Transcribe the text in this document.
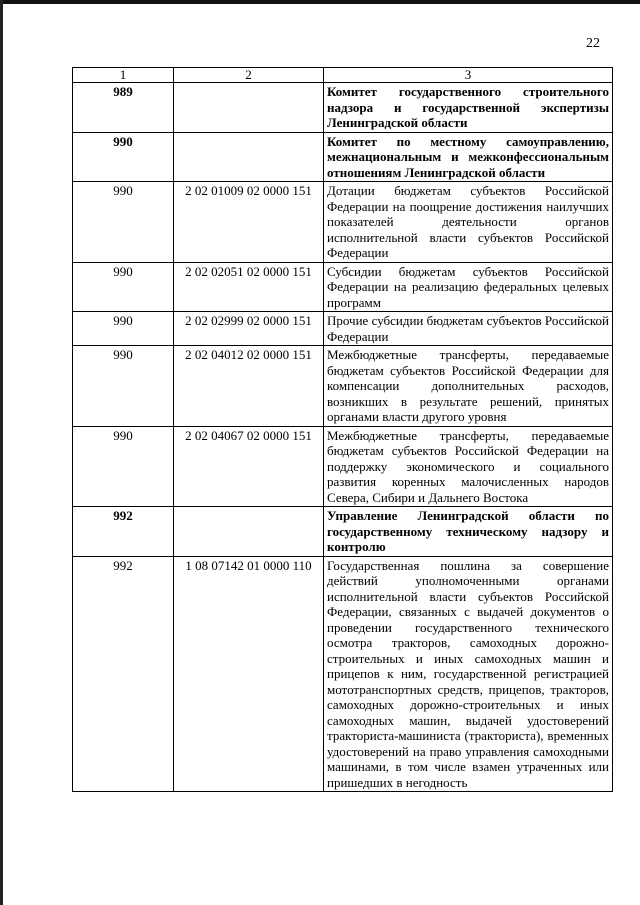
22
1	2	3
989		Комитет государственного строительного надзора и государственной экспертизы Ленинградской области
990		Комитет по местному самоуправлению, межнациональным и межконфессиональным отношениям Ленинградской области
990	2 02 01009 02 0000 151	Дотации бюджетам субъектов Российской Федерации на поощрение достижения наилучших показателей деятельности органов исполнительной власти субъектов Российской Федерации
990	2 02 02051 02 0000 151	Субсидии бюджетам субъектов Российской Федерации на реализацию федеральных целевых программ
990	2 02 02999 02 0000 151	Прочие субсидии бюджетам субъектов Российской Федерации
990	2 02 04012 02 0000 151	Межбюджетные трансферты, передаваемые бюджетам субъектов Российской Федерации для компенсации дополнительных расходов, возникших в результате решений, принятых органами власти другого уровня
990	2 02 04067 02 0000 151	Межбюджетные трансферты, передаваемые бюджетам субъектов Российской Федерации на поддержку экономического и социального развития коренных малочисленных народов Севера, Сибири и Дальнего Востока
992		Управление Ленинградской области по государственному техническому надзору и контролю
992	1 08 07142 01 0000 110	Государственная пошлина за совершение действий уполномоченными органами исполнительной власти субъектов Российской Федерации, связанных с выдачей документов о проведении государственного технического осмотра тракторов, самоходных дорожно-строительных и иных самоходных машин и прицепов к ним, государственной регистрацией мототранспортных средств, прицепов, тракторов, самоходных дорожно-строительных и иных самоходных машин, выдачей удостоверений тракториста-машиниста (тракториста), временных удостоверений на право управления самоходными машинами, в том числе взамен утраченных или пришедших в негодность
